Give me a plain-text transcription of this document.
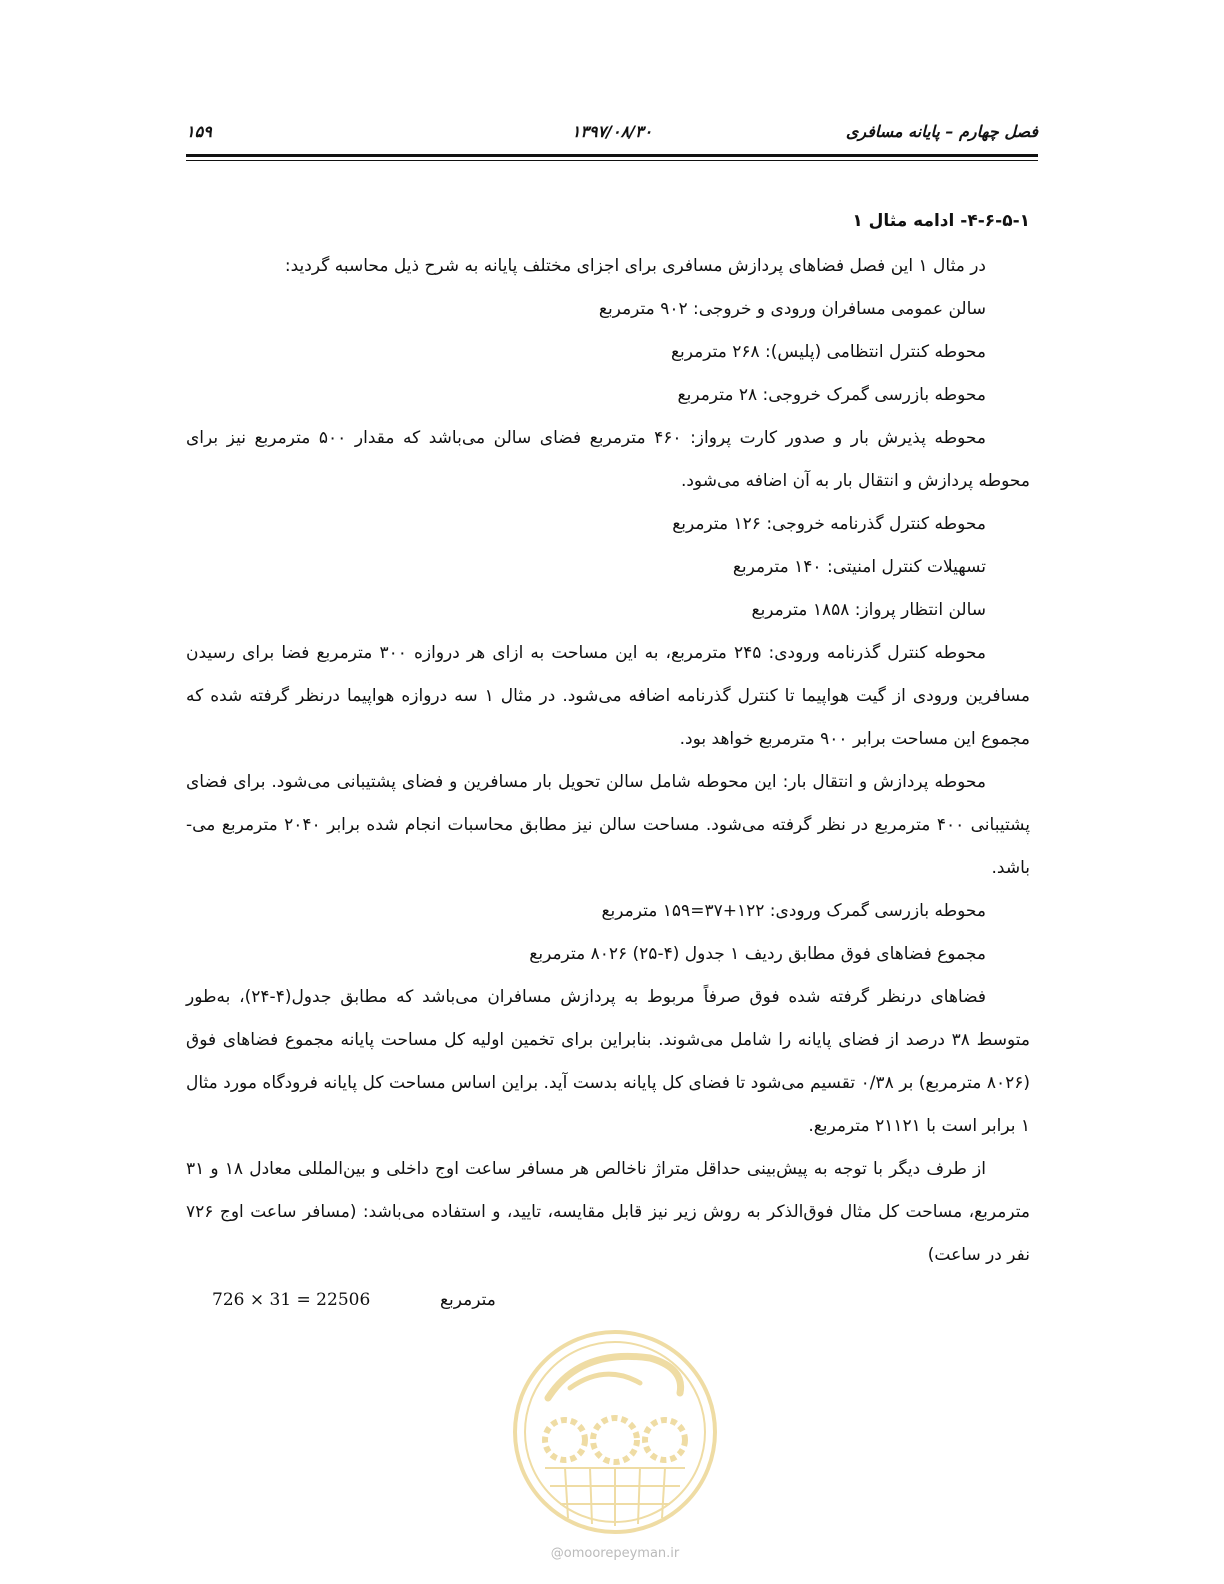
فصل چهارم – پایانه مسافری
۱۳۹۷/۰۸/۳۰
۱۵۹

۴-۶-۵-۱- ادامه مثال ۱

در مثال ۱ این فصل فضاهای پردازش مسافری برای اجزای مختلف پایانه به شرح ذیل محاسبه گردید:

سالن عمومی مسافران ورودی و خروجی: ۹۰۲ مترمربع

محوطه کنترل انتظامی (پلیس): ۲۶۸ مترمربع

محوطه بازرسی گمرک خروجی: ۲۸ مترمربع

محوطه پذیرش بار و صدور کارت پرواز: ۴۶۰ مترمربع فضای سالن می‌باشد که مقدار ۵۰۰ مترمربع نیز برای محوطه پردازش و انتقال بار به آن اضافه می‌شود.

محوطه کنترل گذرنامه خروجی: ۱۲۶ مترمربع

تسهیلات کنترل امنیتی: ۱۴۰ مترمربع

سالن انتظار پرواز: ۱۸۵۸ مترمربع

محوطه کنترل گذرنامه ورودی: ۲۴۵ مترمربع، به این مساحت به ازای هر دروازه ۳۰۰ مترمربع فضا برای رسیدن مسافرین ورودی از گیت هواپیما تا کنترل گذرنامه اضافه می‌شود. در مثال ۱ سه دروازه هواپیما درنظر گرفته شده که مجموع این مساحت برابر ۹۰۰ مترمربع خواهد بود.

محوطه پردازش و انتقال بار: این محوطه شامل سالن تحویل بار مسافرین و فضای پشتیبانی می‌شود. برای فضای پشتیبانی ۴۰۰ مترمربع در نظر گرفته می‌شود. مساحت سالن نیز مطابق محاسبات انجام شده برابر ۲۰۴۰ مترمربع می-باشد.

محوطه بازرسی گمرک ورودی: ۱۲۲+۳۷=۱۵۹ مترمربع

مجموع فضاهای فوق مطابق ردیف ۱ جدول (۴-۲۵) ۸۰۲۶ مترمربع

فضاهای درنظر گرفته شده فوق صرفاً مربوط به پردازش مسافران می‌باشد که مطابق جدول(۴-۲۴)، به‌طور متوسط ۳۸ درصد از فضای پایانه را شامل می‌شوند. بنابراین برای تخمین اولیه کل مساحت پایانه مجموع فضاهای فوق (۸۰۲۶ مترمربع) بر ۰/۳۸ تقسیم می‌شود تا فضای کل پایانه بدست آید. براین اساس مساحت کل پایانه فرودگاه مورد مثال ۱ برابر است با ۲۱۱۲۱ مترمربع.

از طرف دیگر با توجه به پیش‌بینی حداقل متراژ ناخالص هر مسافر ساعت اوج داخلی و بین‌المللی معادل ۱۸ و ۳۱ مترمربع، مساحت کل مثال فوق‌الذکر به روش زیر نیز قابل مقایسه، تایید، و استفاده می‌باشد: (مسافر ساعت اوج ۷۲۶ نفر در ساعت)

726 × 31 = 22506	مترمربع
@omoorepeyman.ir
